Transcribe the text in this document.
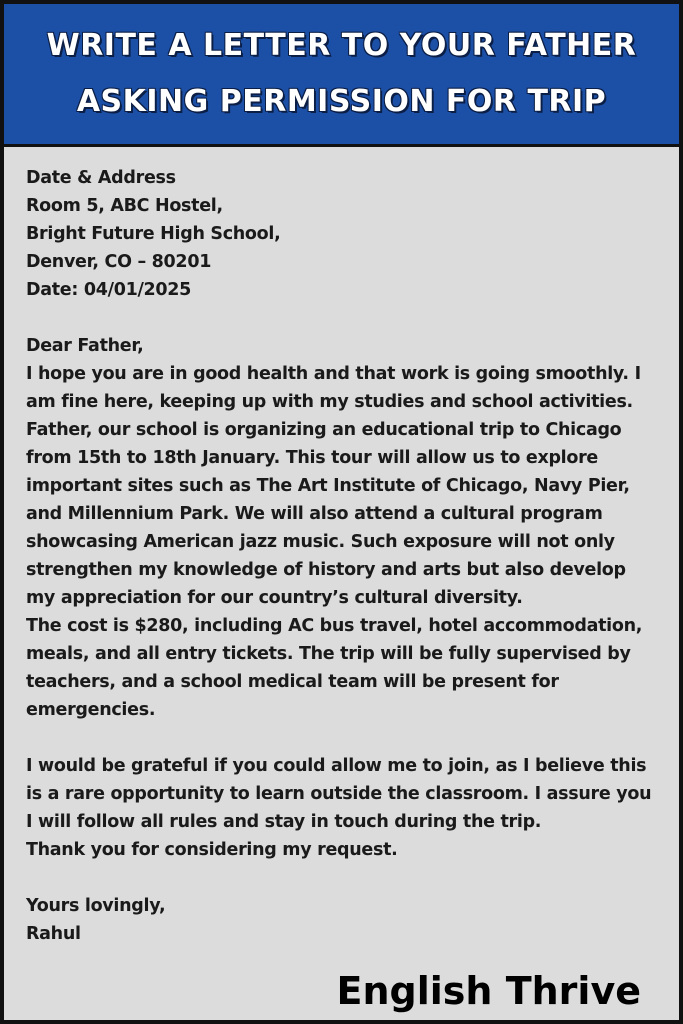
WRITE A LETTER TO YOUR FATHER
ASKING PERMISSION FOR TRIP
Date & Address
Room 5, ABC Hostel,
Bright Future High School,
Denver, CO – 80201
Date: 04/01/2025
Dear Father,
I hope you are in good health and that work is going smoothly. I
am fine here, keeping up with my studies and school activities.
Father, our school is organizing an educational trip to Chicago
from 15th to 18th January. This tour will allow us to explore
important sites such as The Art Institute of Chicago, Navy Pier,
and Millennium Park. We will also attend a cultural program
showcasing American jazz music. Such exposure will not only
strengthen my knowledge of history and arts but also develop
my appreciation for our country’s cultural diversity.
The cost is $280, including AC bus travel, hotel accommodation,
meals, and all entry tickets. The trip will be fully supervised by
teachers, and a school medical team will be present for
emergencies.
I would be grateful if you could allow me to join, as I believe this
is a rare opportunity to learn outside the classroom. I assure you
I will follow all rules and stay in touch during the trip.
Thank you for considering my request.
Yours lovingly,
Rahul
English Thrive
